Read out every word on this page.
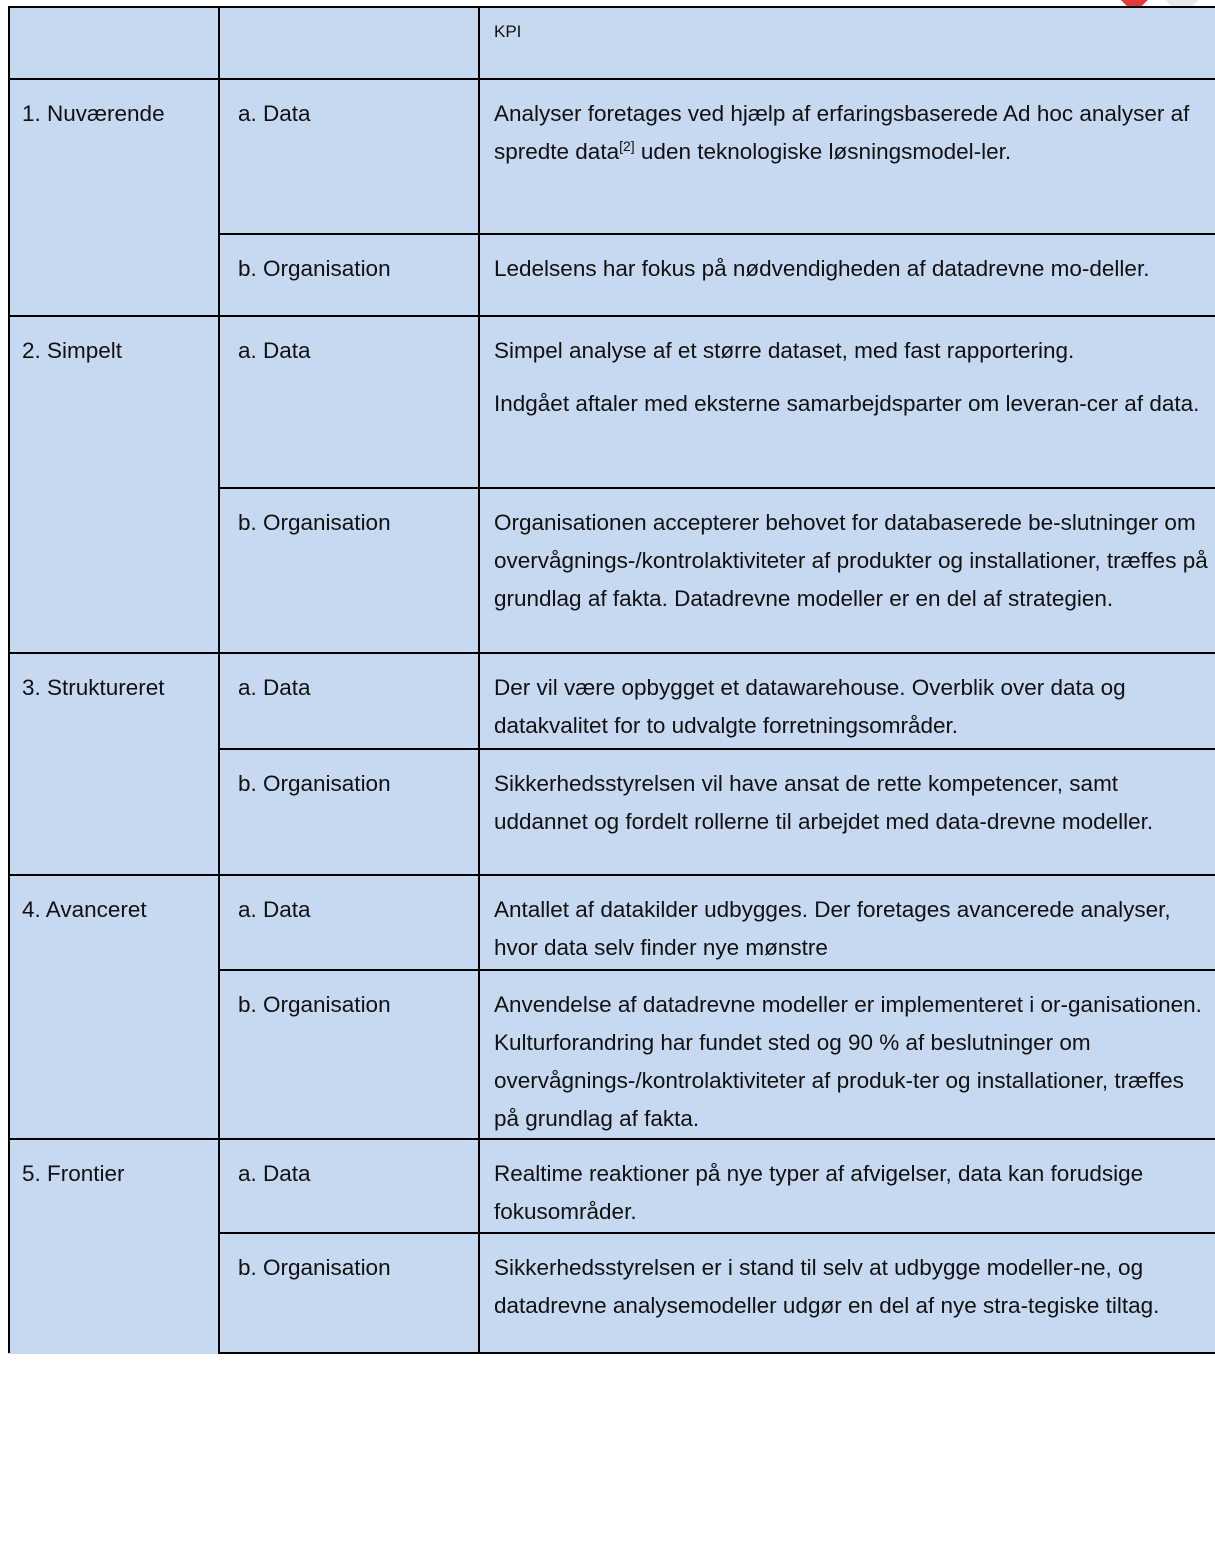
		KPI

1. Nuværende	a. Data	Analyser foretages ved hjælp af erfaringsbaserede Ad hoc analyser af spredte data[2] uden teknologiske løsningsmodel-ler.

	b. Organisation	Ledelsens har fokus på nødvendigheden af datadrevne mo-deller.

2. Simpelt	a. Data	Simpel analyse af et større dataset, med fast rapportering.
Indgået aftaler med eksterne samarbejdsparter om leveran-cer af data.

	b. Organisation	Organisationen accepterer behovet for databaserede be-slutninger om overvågnings-/kontrolaktiviteter af produkter og installationer, træffes på grundlag af fakta. Datadrevne modeller er en del af strategien.

3. Struktureret	a. Data	Der vil være opbygget et datawarehouse. Overblik over data og datakvalitet for to udvalgte forretningsområder.

	b. Organisation	Sikkerhedsstyrelsen vil have ansat de rette kompetencer, samt uddannet og fordelt rollerne til arbejdet med data-drevne modeller.

4. Avanceret	a. Data	Antallet af datakilder udbygges. Der foretages avancerede analyser, hvor data selv finder nye mønstre

	b. Organisation	Anvendelse af datadrevne modeller er implementeret i or-ganisationen. Kulturforandring har fundet sted og 90 % af beslutninger om overvågnings-/kontrolaktiviteter af produk-ter og installationer, træffes på grundlag af fakta.

5. Frontier	a. Data	Realtime reaktioner på nye typer af afvigelser, data kan forudsige fokusområder.

	b. Organisation	Sikkerhedsstyrelsen er i stand til selv at udbygge modeller-ne, og datadrevne analysemodeller udgør en del af nye stra-tegiske tiltag.
